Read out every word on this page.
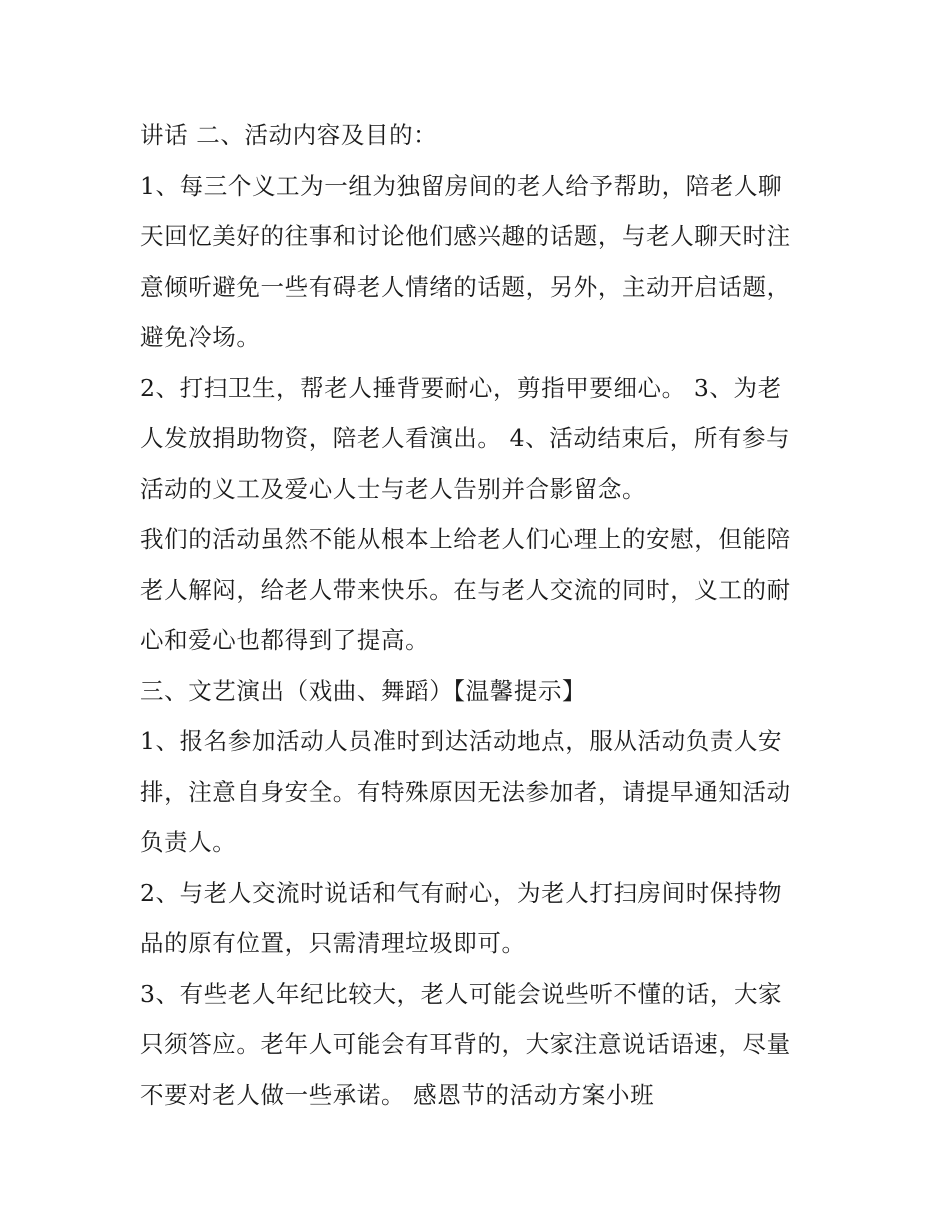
讲话 二、活动内容及目的：

1、每三个义工为一组为独留房间的老人给予帮助，陪老人聊
天回忆美好的往事和讨论他们感兴趣的话题，与老人聊天时注
意倾听避免一些有碍老人情绪的话题，另外，主动开启话题，
避免冷场。

2、打扫卫生，帮老人捶背要耐心，剪指甲要细心。 3、为老
人发放捐助物资，陪老人看演出。 4、活动结束后，所有参与
活动的义工及爱心人士与老人告别并合影留念。

我们的活动虽然不能从根本上给老人们心理上的安慰，但能陪
老人解闷，给老人带来快乐。在与老人交流的同时，义工的耐
心和爱心也都得到了提高。

三、文艺演出（戏曲、舞蹈）【温馨提示】

1、报名参加活动人员准时到达活动地点，服从活动负责人安
排，注意自身安全。有特殊原因无法参加者，请提早通知活动
负责人。

2、与老人交流时说话和气有耐心，为老人打扫房间时保持物
品的原有位置，只需清理垃圾即可。

3、有些老人年纪比较大，老人可能会说些听不懂的话，大家
只须答应。老年人可能会有耳背的，大家注意说话语速，尽量
不要对老人做一些承诺。 感恩节的活动方案小班
